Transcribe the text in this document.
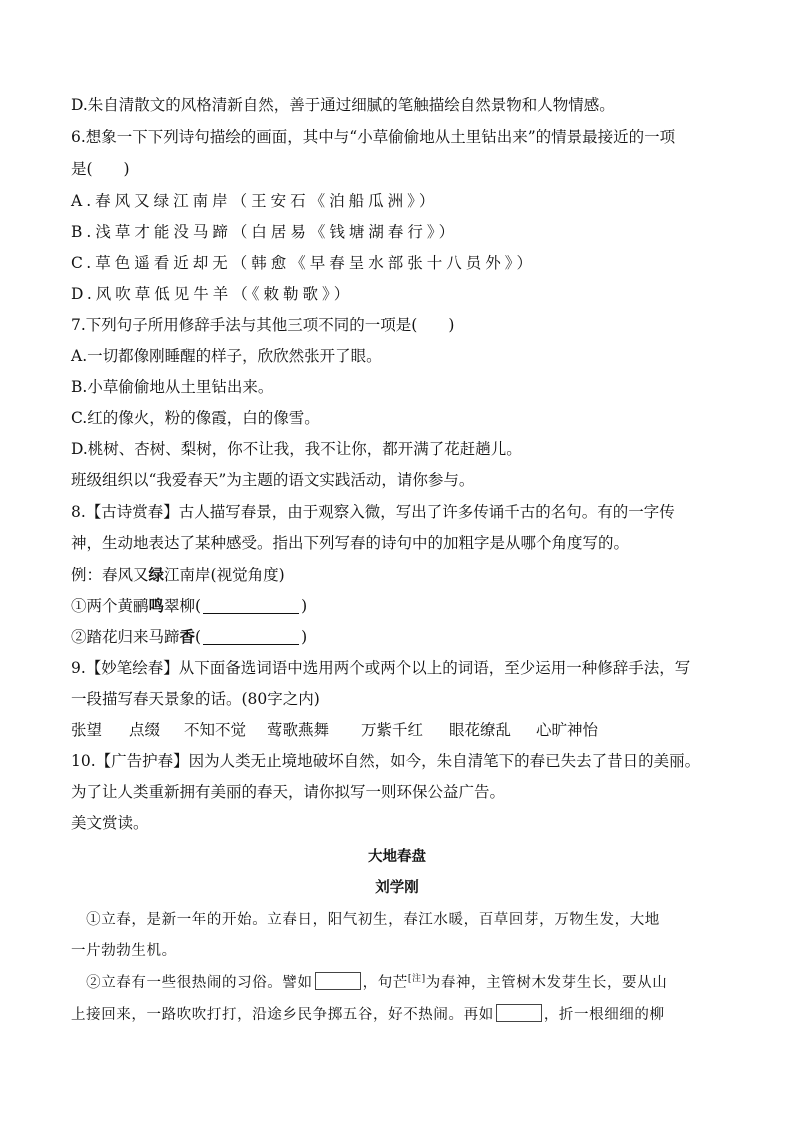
D.朱自清散文的风格清新自然，善于通过细腻的笔触描绘自然景物和人物情感。
6.想象一下下列诗句描绘的画面，其中与“小草偷偷地从土里钻出来”的情景最接近的一项
是(　　)
A.春风又绿江南岸（王安石《泊船瓜洲》）
B.浅草才能没马蹄（白居易《钱塘湖春行》）
C.草色遥看近却无（韩愈《早春呈水部张十八员外》）
D.风吹草低见牛羊（《敕勒歌》）
7.下列句子所用修辞手法与其他三项不同的一项是(　　)
A.一切都像刚睡醒的样子，欣欣然张开了眼。
B.小草偷偷地从土里钻出来。
C.红的像火，粉的像霞，白的像雪。
D.桃树、杏树、梨树，你不让我，我不让你，都开满了花赶趟儿。
班级组织以“我爱春天”为主题的语文实践活动，请你参与。
8.【古诗赏春】古人描写春景，由于观察入微，写出了许多传诵千古的名句。有的一字传
神，生动地表达了某种感受。指出下列写春的诗句中的加粗字是从哪个角度写的。
例：春风又绿江南岸(视觉角度)
①两个黄鹂鸣翠柳(	)
②踏花归来马蹄香(	)
9.【妙笔绘春】从下面备选词语中选用两个或两个以上的词语，至少运用一种修辞手法，写
一段描写春天景象的话。(80字之内)
张望 点缀 不知不觉 莺歌燕舞 万紫千红 眼花缭乱 心旷神怡
10.【广告护春】因为人类无止境地破坏自然，如今，朱自清笔下的春已失去了昔日的美丽。
为了让人类重新拥有美丽的春天，请你拟写一则环保公益广告。
美文赏读。
大地春盘
刘学刚
　①立春，是新一年的开始。立春日，阳气初生，春江水暖，百草回芽，万物生发，大地
一片勃勃生机。
　②立春有一些很热闹的习俗。譬如	，句芒[注]为春神，主管树木发芽生长，要从山
上接回来，一路吹吹打打，沿途乡民争掷五谷，好不热闹。再如	，折一根细细的柳
